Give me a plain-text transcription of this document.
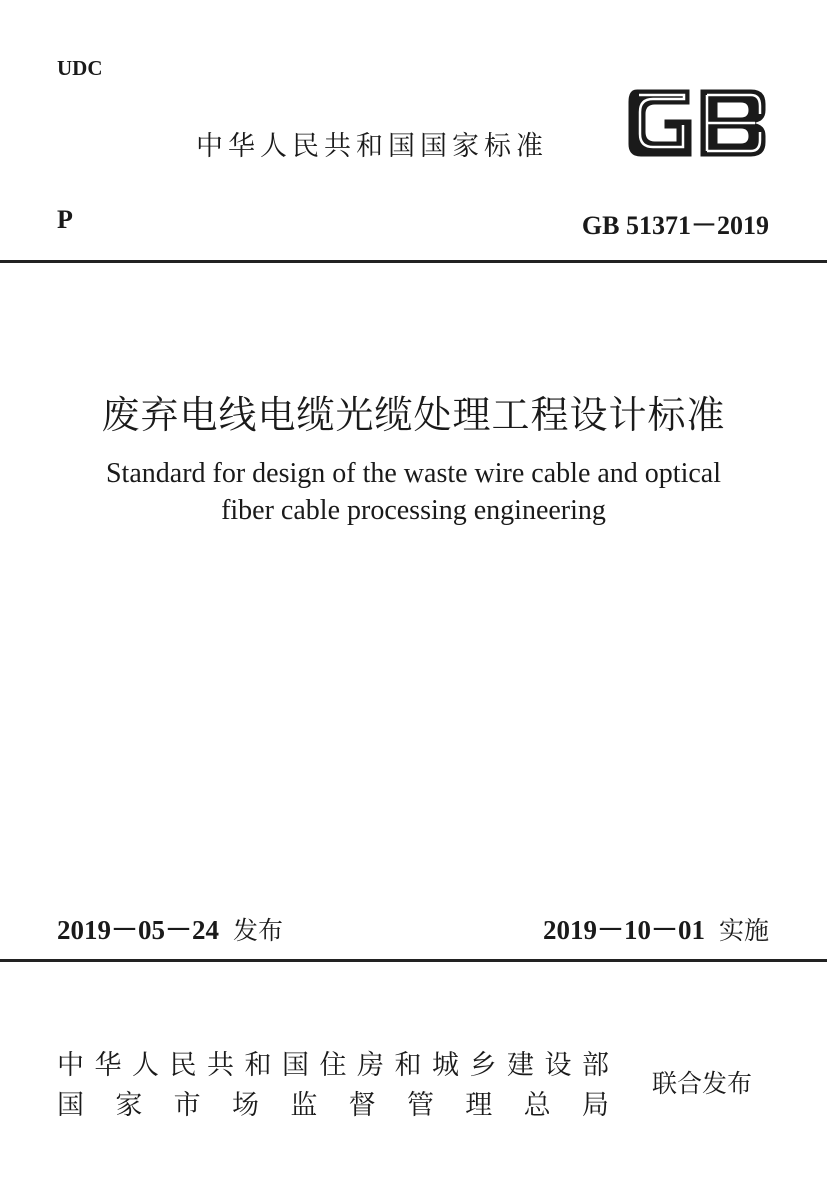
UDC
中华人民共和国国家标准
P	GB 51371－2019
废弃电线电缆光缆处理工程设计标准
Standard for design of the waste wire cable and optical
fiber cable processing engineering
2019－05－24 发布	2019－10－01 实施
中 华 人 民 共 和 国 住 房 和 城 乡 建 设 部
国 家 市 场 监 督 管 理 总 局
联合发布
